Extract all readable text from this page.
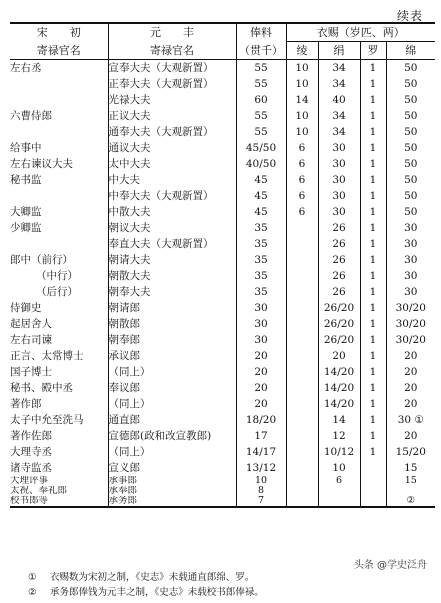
续表
宋　　初	元　　丰	俸料	衣赐（岁匹、两）			
寄禄官名	寄禄官名	（贯千）	绫	绢	罗	绵
左右丞	宣奉大夫（大观新置）	55	10	34	1	50
	正奉大夫（大观新置）	55	10	34	1	50
	光禄大夫	60	14	40	1	50
六曹侍郎	正议大夫	55	10	34	1	50
	通奉大夫（大观新置）	55	10	34	1	50
给事中	通议大夫	45/50	6	30	1	50
左右谏议大夫	太中大夫	40/50	6	30	1	50
秘书监	中大夫	45	6	30	1	50
	中奉大夫（大观新置）	45	6	30	1	50
大卿监	中散大夫	45	6	30	1	50
少卿监	朝议大夫	35		26	1	30
	奉直大夫（大观新置）	35		26	1	30
郎中（前行）	朝请大夫	35		26	1	30
（中行）	朝散大夫	35		26	1	30
（后行）	朝奉大夫	35		26	1	30
侍御史	朝请郎	30		26/20	1	30/20
起居舍人	朝散郎	30		26/20	1	30/20
左右司谏	朝奉郎	30		26/20	1	30/20
正言、太常博士	承议郎	20		20	1	20
国子博士	（同上）	20		14/20	1	20
秘书、殿中丞	奉议郎	20		14/20	1	20
著作郎	（同上）	20		14/20	1	20
太子中允至洗马	通直郎	18/20		14	1	30 ①
著作佐郎	宣德郎(政和改宣教郎)	17		12	1	20
大理寺丞	（同上）	14/17		10/12	1	15/20
诸寺监丞	宣义郎	13/12		10		15
大理评事	承事郎	10		6		15
太祝、奉礼郎	承奉郎	8				
校书郎等	承务郎	7				②
① 衣赐数为宋初之制，《史志》未载通直郎绵、罗。
② 承务郎俸钱为元丰之制，《史志》未载校书郎俸禄。
头条 @学史泛舟
